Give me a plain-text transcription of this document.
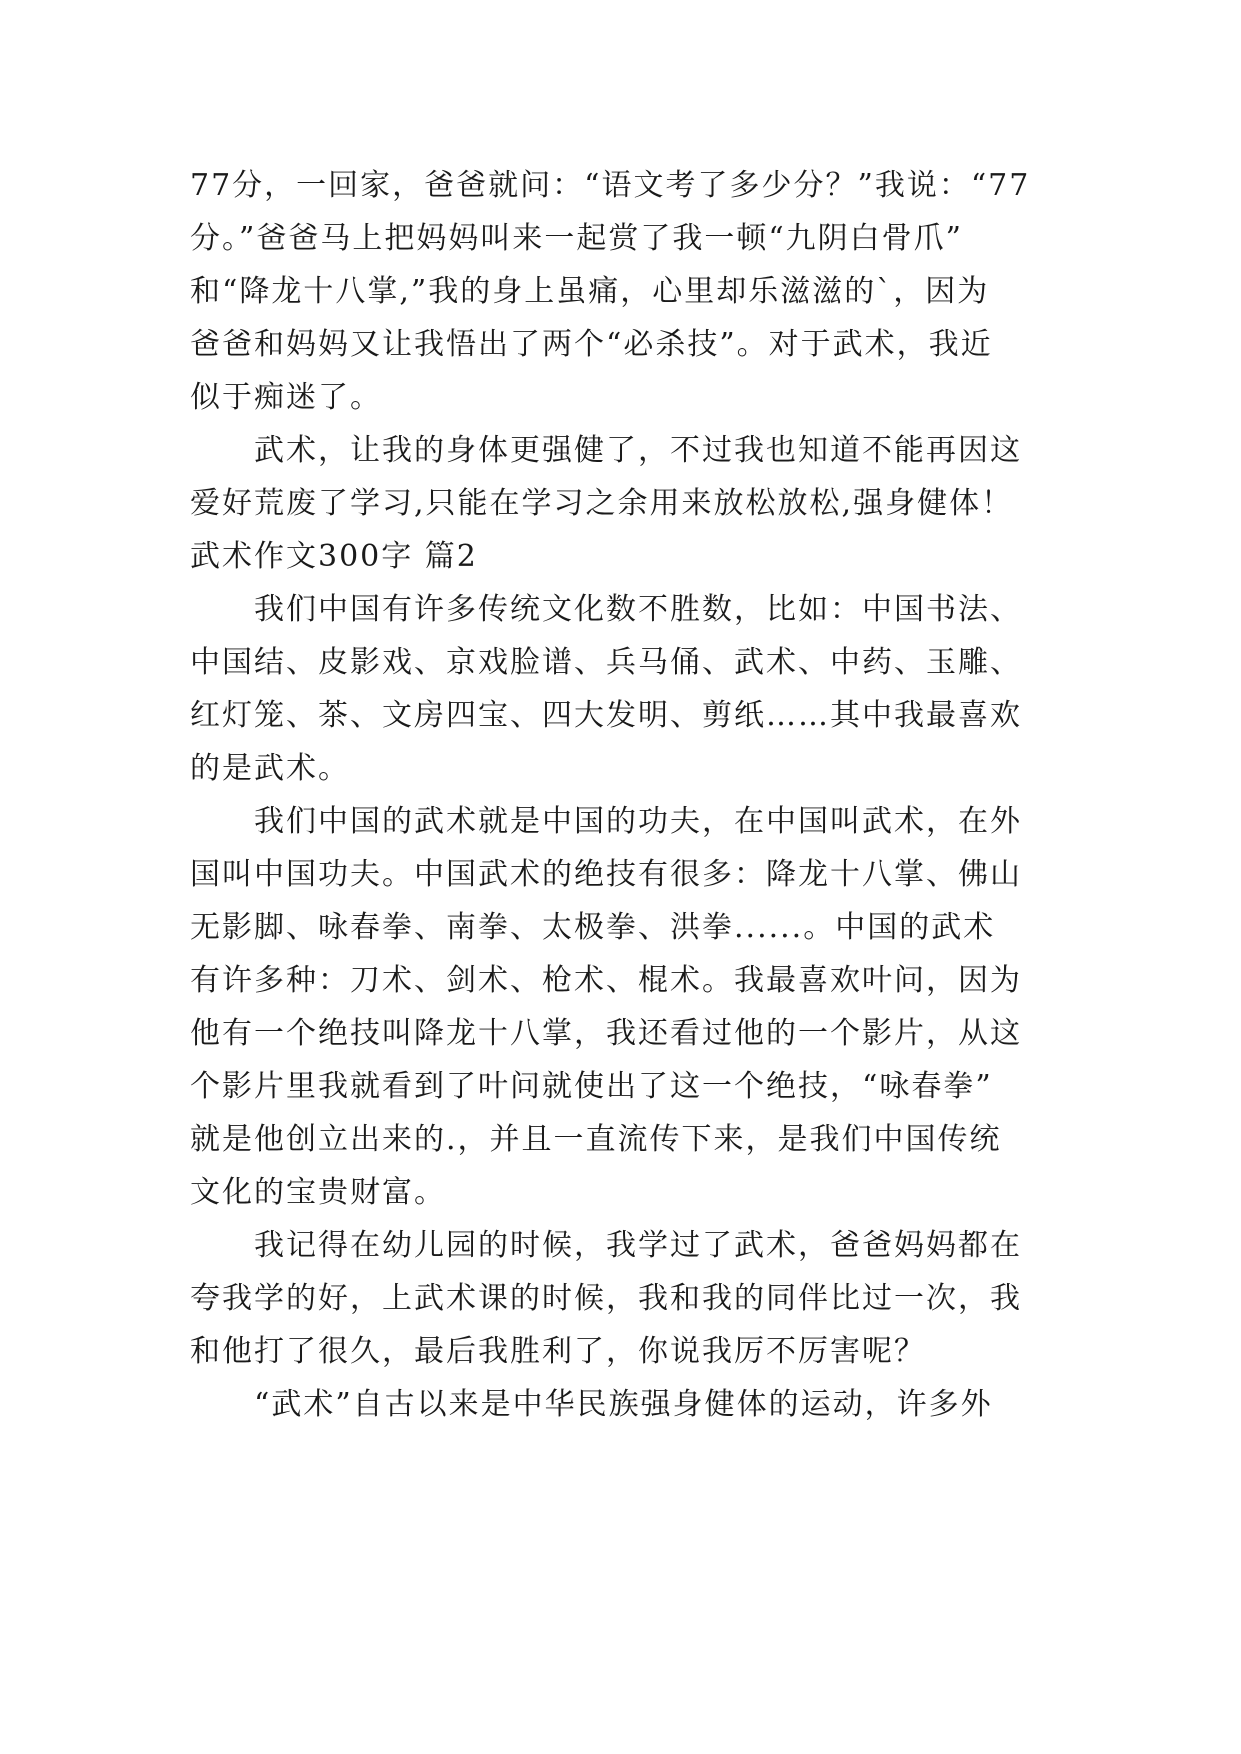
77分，一回家，爸爸就问：“语文考了多少分？”我说：“77
分。”爸爸马上把妈妈叫来一起赏了我一顿“九阴白骨爪”
和“降龙十八掌,”我的身上虽痛，心里却乐滋滋的`，因为
爸爸和妈妈又让我悟出了两个“必杀技”。对于武术，我近
似于痴迷了。
　　武术，让我的身体更强健了，不过我也知道不能再因这
爱好荒废了学习,只能在学习之余用来放松放松,强身健体！
武术作文300字 篇2
　　我们中国有许多传统文化数不胜数，比如：中国书法、
中国结、皮影戏、京戏脸谱、兵马俑、武术、中药、玉雕、
红灯笼、茶、文房四宝、四大发明、剪纸……其中我最喜欢
的是武术。
　　我们中国的武术就是中国的功夫，在中国叫武术，在外
国叫中国功夫。中国武术的绝技有很多：降龙十八掌、佛山
无影脚、咏春拳、南拳、太极拳、洪拳......。中国的武术
有许多种：刀术、剑术、枪术、棍术。我最喜欢叶问，因为
他有一个绝技叫降龙十八掌，我还看过他的一个影片，从这
个影片里我就看到了叶问就使出了这一个绝技，“咏春拳”
就是他创立出来的.，并且一直流传下来，是我们中国传统
文化的宝贵财富。
　　我记得在幼儿园的时候，我学过了武术，爸爸妈妈都在
夸我学的好，上武术课的时候，我和我的同伴比过一次，我
和他打了很久，最后我胜利了，你说我厉不厉害呢？
　　“武术”自古以来是中华民族强身健体的运动，许多外
